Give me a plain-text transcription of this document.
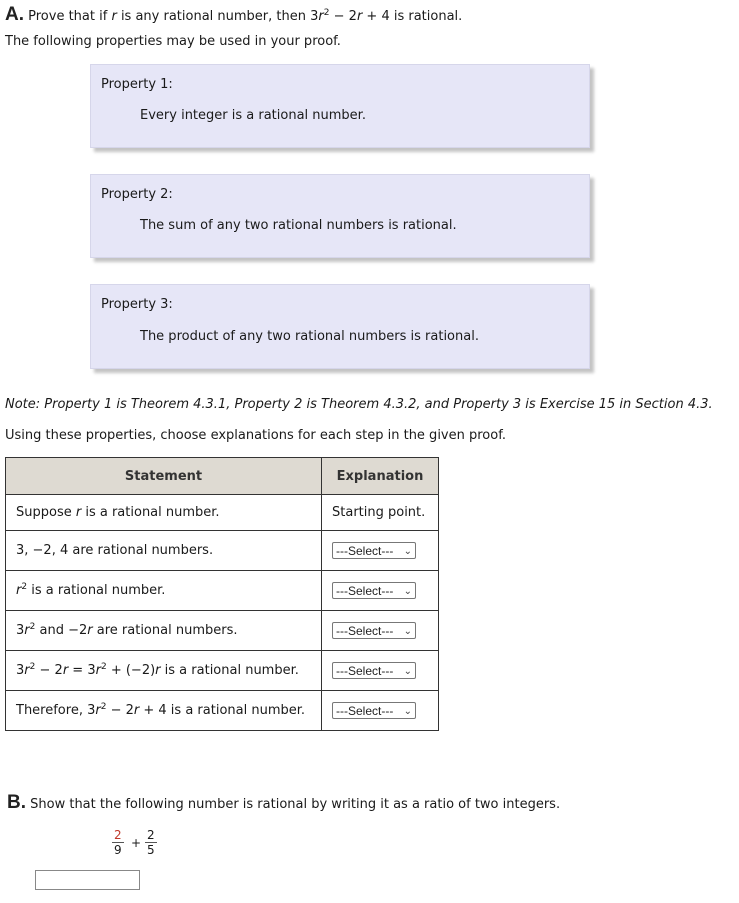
A. Prove that if r is any rational number, then $3r^2 - 2r + 4$ is rational.
The following properties may be used in your proof.
Property 1:
Every integer is a rational number.
Property 2:
The sum of any two rational numbers is rational.
Property 3:
The product of any two rational numbers is rational.
Note: Property 1 is Theorem 4.3.1, Property 2 is Theorem 4.3.2, and Property 3 is Exercise 15 in Section 4.3.
Using these properties, choose explanations for each step in the given proof.
Statement	Explanation
Suppose r is a rational number.	Starting point.
3, −2, 4 are rational numbers.	---Select--- ⌄

$r^2$ is a rational number.	---Select--- ⌄

$3r^2$ and −2r are rational numbers.	---Select--- ⌄

$3r^2 - 2r = 3r^2 + (-2)r$ is a rational number.	---Select--- ⌄

Therefore, $3r^2 - 2r + 4$ is a rational number.	---Select--- ⌄
B. Show that the following number is rational by writing it as a ratio of two integers.
$\frac{2}{9} + \frac{2}{5}$
